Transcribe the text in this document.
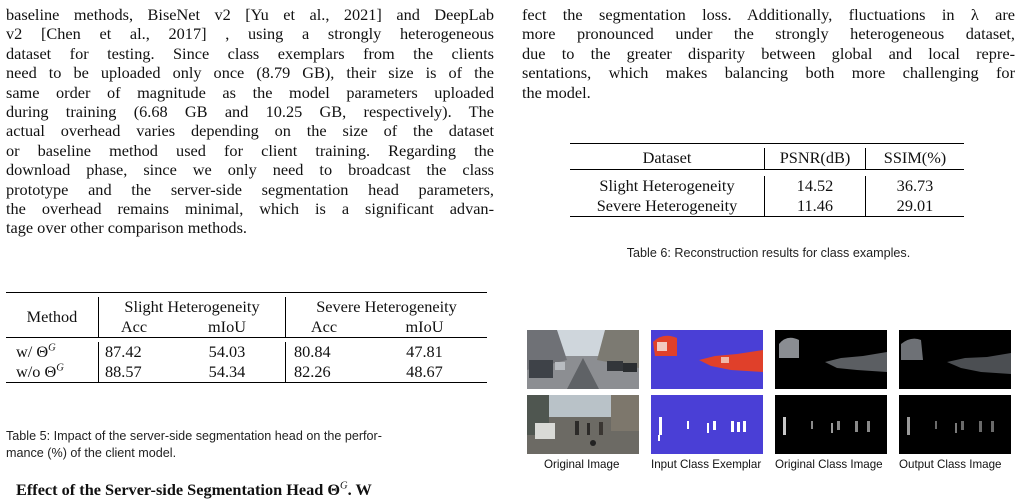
baseline methods, BiseNet v2 [Yu et al., 2021] and DeepLab
v2 [Chen et al., 2017] , using a strongly heterogeneous
dataset for testing. Since class exemplars from the clients
need to be uploaded only once (8.79 GB), their size is of the
same order of magnitude as the model parameters uploaded
during training (6.68 GB and 10.25 GB, respectively). The
actual overhead varies depending on the size of the dataset
or baseline method used for client training. Regarding the
download phase, since we only need to broadcast the class
prototype and the server-side segmentation head parameters,
the overhead remains minimal, which is a significant advan-
tage over other comparison methods.

Method	Slight Heterogeneity		Severe Heterogeneity	
	Acc	mIoU	Acc	mIoU

w/ $\Theta^G$	87.42	54.03	80.84	47.81
w/o $\Theta^G$	88.57	54.34	82.26	48.67

Table 5: Impact of the server-side segmentation head on the perfor-
mance (%) of the client model.
Effect of the Server-side Segmentation Head $\Theta^G$. W

fect the segmentation loss. Additionally, fluctuations in λ are
more pronounced under the strongly heterogeneous dataset,
due to the greater disparity between global and local repre-
sentations, which makes balancing both more challenging for
the model.

Dataset	PSNR(dB)	SSIM(%)

Slight Heterogeneity	14.52	36.73
Severe Heterogeneity	11.46	29.01

Table 6: Reconstruction results for class examples.
Original Image	Input Class Exemplar Original Class Image Output Class Image
